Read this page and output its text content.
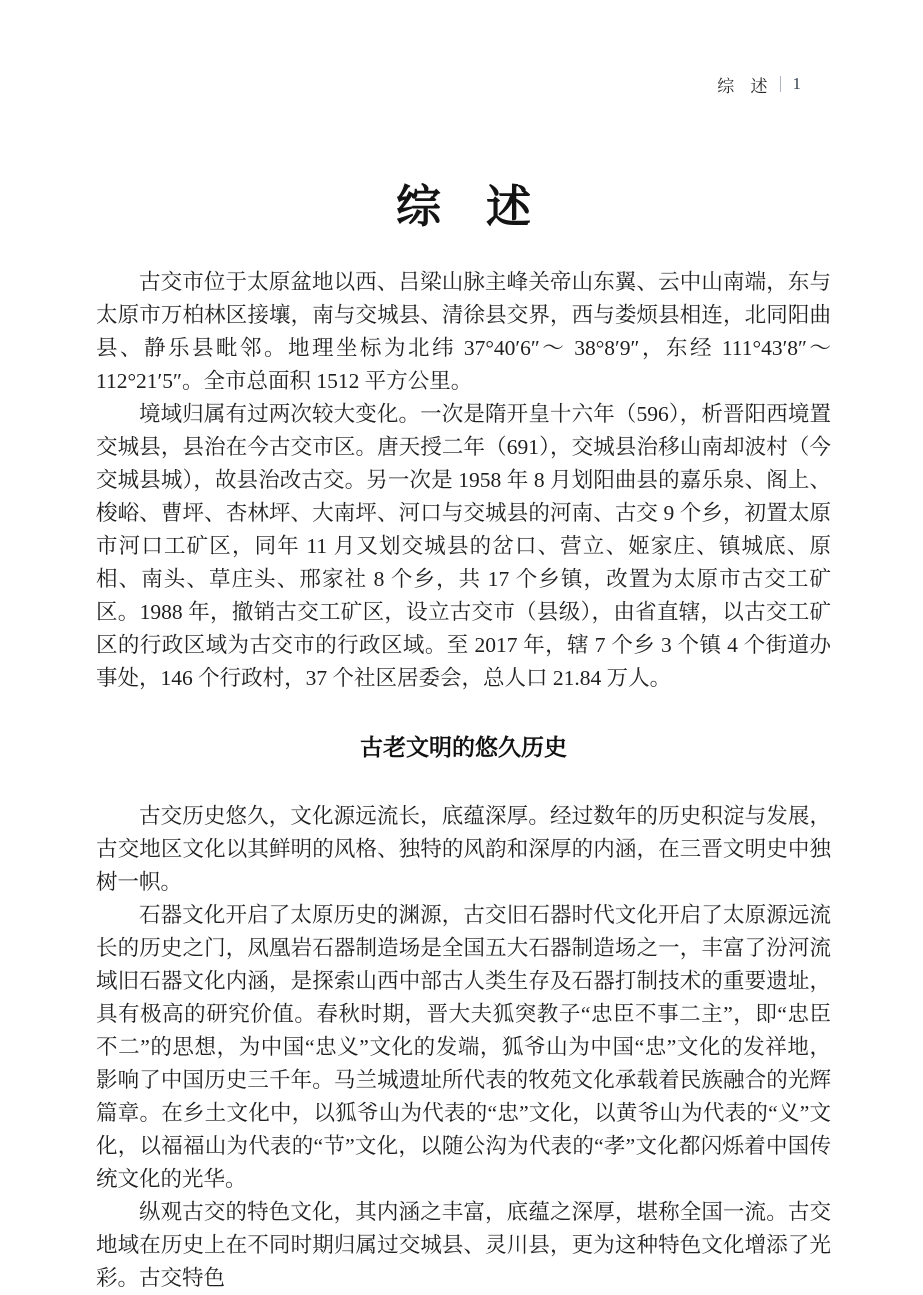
综 述 1
综　述

古交市位于太原盆地以西、吕梁山脉主峰关帝山东翼、云中山南端，东与太原市万柏林区接壤，南与交城县、清徐县交界，西与娄烦县相连，北同阳曲县、静乐县毗邻。地理坐标为北纬 37°40′6″～ 38°8′9″，东经 111°43′8″～ 112°21′5″。全市总面积 1512 平方公里。

境域归属有过两次较大变化。一次是隋开皇十六年（596），析晋阳西境置交城县，县治在今古交市区。唐天授二年（691），交城县治移山南却波村（今交城县城），故县治改古交。另一次是 1958 年 8 月划阳曲县的嘉乐泉、阁上、梭峪、曹坪、杏林坪、大南坪、河口与交城县的河南、古交 9 个乡，初置太原市河口工矿区，同年 11 月又划交城县的岔口、营立、姬家庄、镇城底、原相、南头、草庄头、邢家社 8 个乡，共 17 个乡镇，改置为太原市古交工矿区。1988 年，撤销古交工矿区，设立古交市（县级），由省直辖，以古交工矿区的行政区域为古交市的行政区域。至 2017 年，辖 7 个乡 3 个镇 4 个街道办事处，146 个行政村，37 个社区居委会，总人口 21.84 万人。

古老文明的悠久历史

古交历史悠久，文化源远流长，底蕴深厚。经过数年的历史积淀与发展，古交地区文化以其鲜明的风格、独特的风韵和深厚的内涵，在三晋文明史中独树一帜。

石器文化开启了太原历史的渊源，古交旧石器时代文化开启了太原源远流长的历史之门，凤凰岩石器制造场是全国五大石器制造场之一，丰富了汾河流域旧石器文化内涵，是探索山西中部古人类生存及石器打制技术的重要遗址，具有极高的研究价值。春秋时期，晋大夫狐突教子“忠臣不事二主”，即“忠臣不二”的思想，为中国“忠义”文化的发端，狐爷山为中国“忠”文化的发祥地，影响了中国历史三千年。马兰城遗址所代表的牧苑文化承载着民族融合的光辉篇章。在乡土文化中，以狐爷山为代表的“忠”文化，以黄爷山为代表的“义”文化，以福福山为代表的“节”文化，以随公沟为代表的“孝”文化都闪烁着中国传统文化的光华。

纵观古交的特色文化，其内涵之丰富，底蕴之深厚，堪称全国一流。古交地域在历史上在不同时期归属过交城县、灵川县，更为这种特色文化增添了光彩。古交特色
